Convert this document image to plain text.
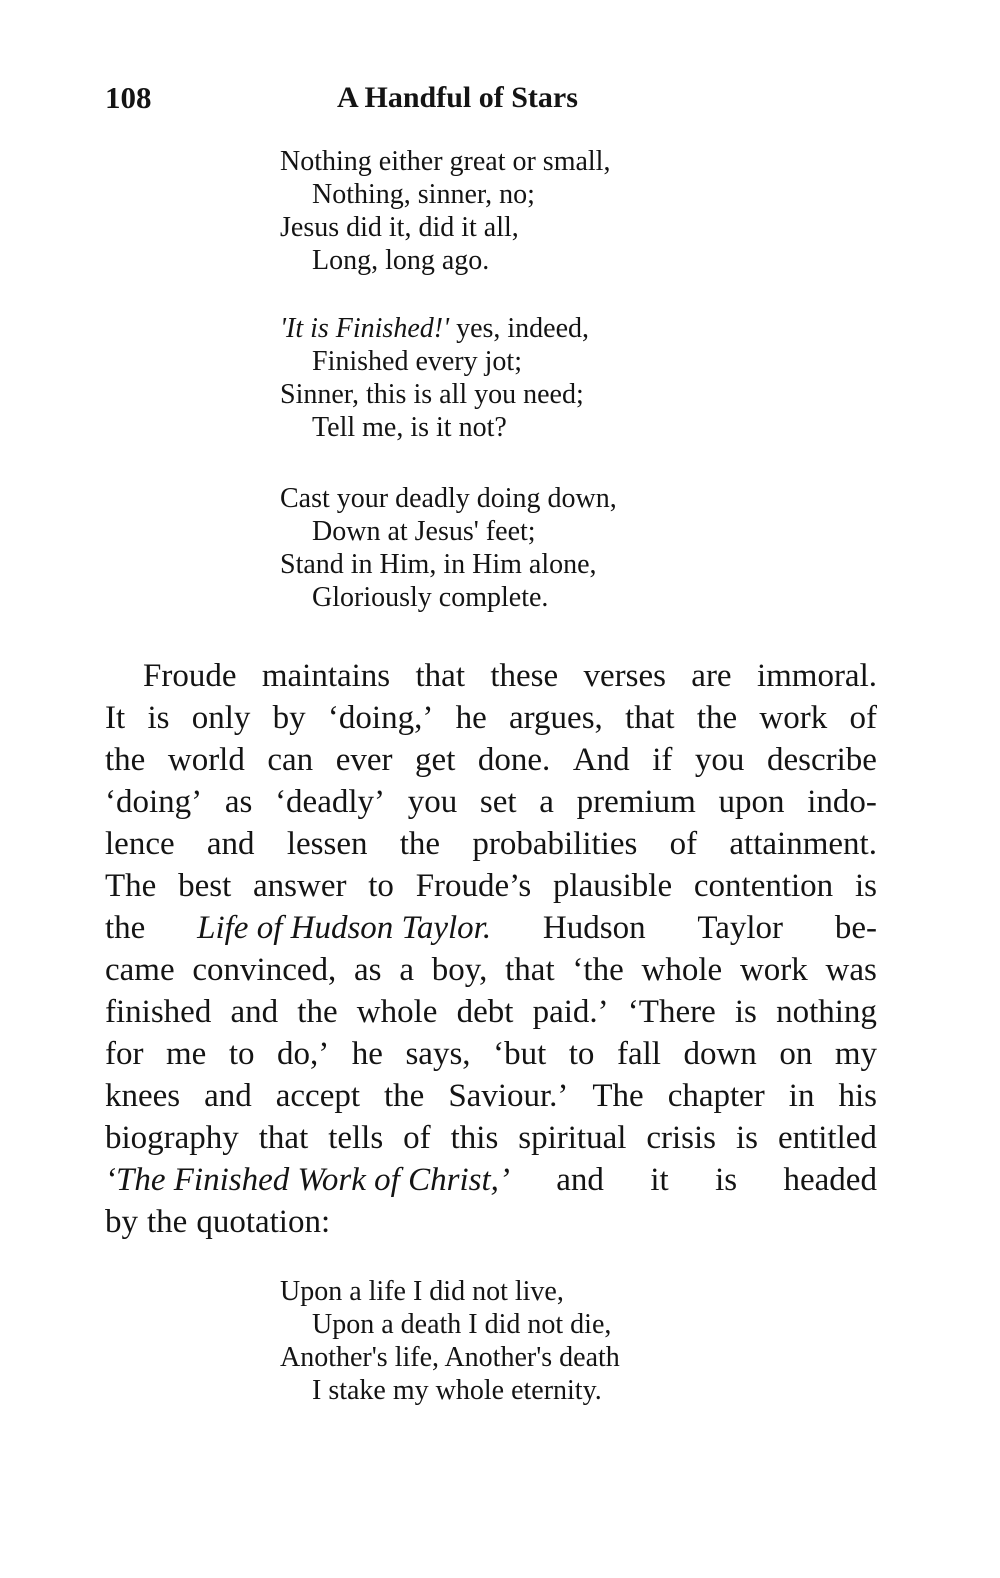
108	A Handful of Stars
Nothing either great or small,
Nothing, sinner, no;
Jesus did it, did it all,
Long, long ago.
'It is Finished!' yes, indeed,
Finished every jot;
Sinner, this is all you need;
Tell me, is it not?
Cast your deadly doing down,
Down at Jesus' feet;
Stand in Him, in Him alone,
Gloriously complete.
Froude maintains that these verses are immoral.
It is only by ‘doing,’ he argues, that the work of
the world can ever get done. And if you describe
‘doing’ as ‘deadly’ you set a premium upon indo-
lence and lessen the probabilities of attainment.
The best answer to Froude’s plausible contention is
the Life of Hudson Taylor. Hudson Taylor be-
came convinced, as a boy, that ‘the whole work was
finished and the whole debt paid.’ ‘There is nothing
for me to do,’ he says, ‘but to fall down on my
knees and accept the Saviour.’ The chapter in his
biography that tells of this spiritual crisis is entitled
‘The Finished Work of Christ,’ and it is headed
by the quotation:
Upon a life I did not live,
Upon a death I did not die,
Another's life, Another's death
I stake my whole eternity.
